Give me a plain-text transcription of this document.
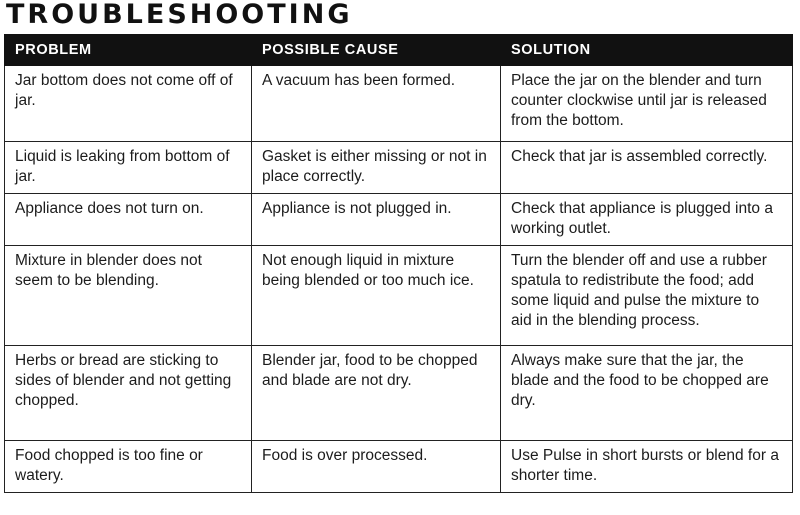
TROUBLESHOOTING
PROBLEM	POSSIBLE CAUSE	SOLUTION
Jar bottom does not come off of jar.	A vacuum has been formed.	Place the jar on the blender and turn counter clockwise until jar is released from the bottom.
Liquid is leaking from bottom of jar.	Gasket is either missing or not in place correctly.	Check that jar is assembled correctly.
Appliance does not turn on.	Appliance is not plugged in.	Check that appliance is plugged into a working outlet.
Mixture in blender does not seem to be blending.	Not enough liquid in mixture being blended or too much ice.	Turn the blender off and use a rubber spatula to redistribute the food; add some liquid and pulse the mixture to aid in the blending process.
Herbs or bread are sticking to sides of blender and not getting chopped.	Blender jar, food to be chopped and blade are not dry.	Always make sure that the jar, the blade and the food to be chopped are dry.
Food chopped is too fine or watery.	Food is over processed.	Use Pulse in short bursts or blend for a shorter time.
